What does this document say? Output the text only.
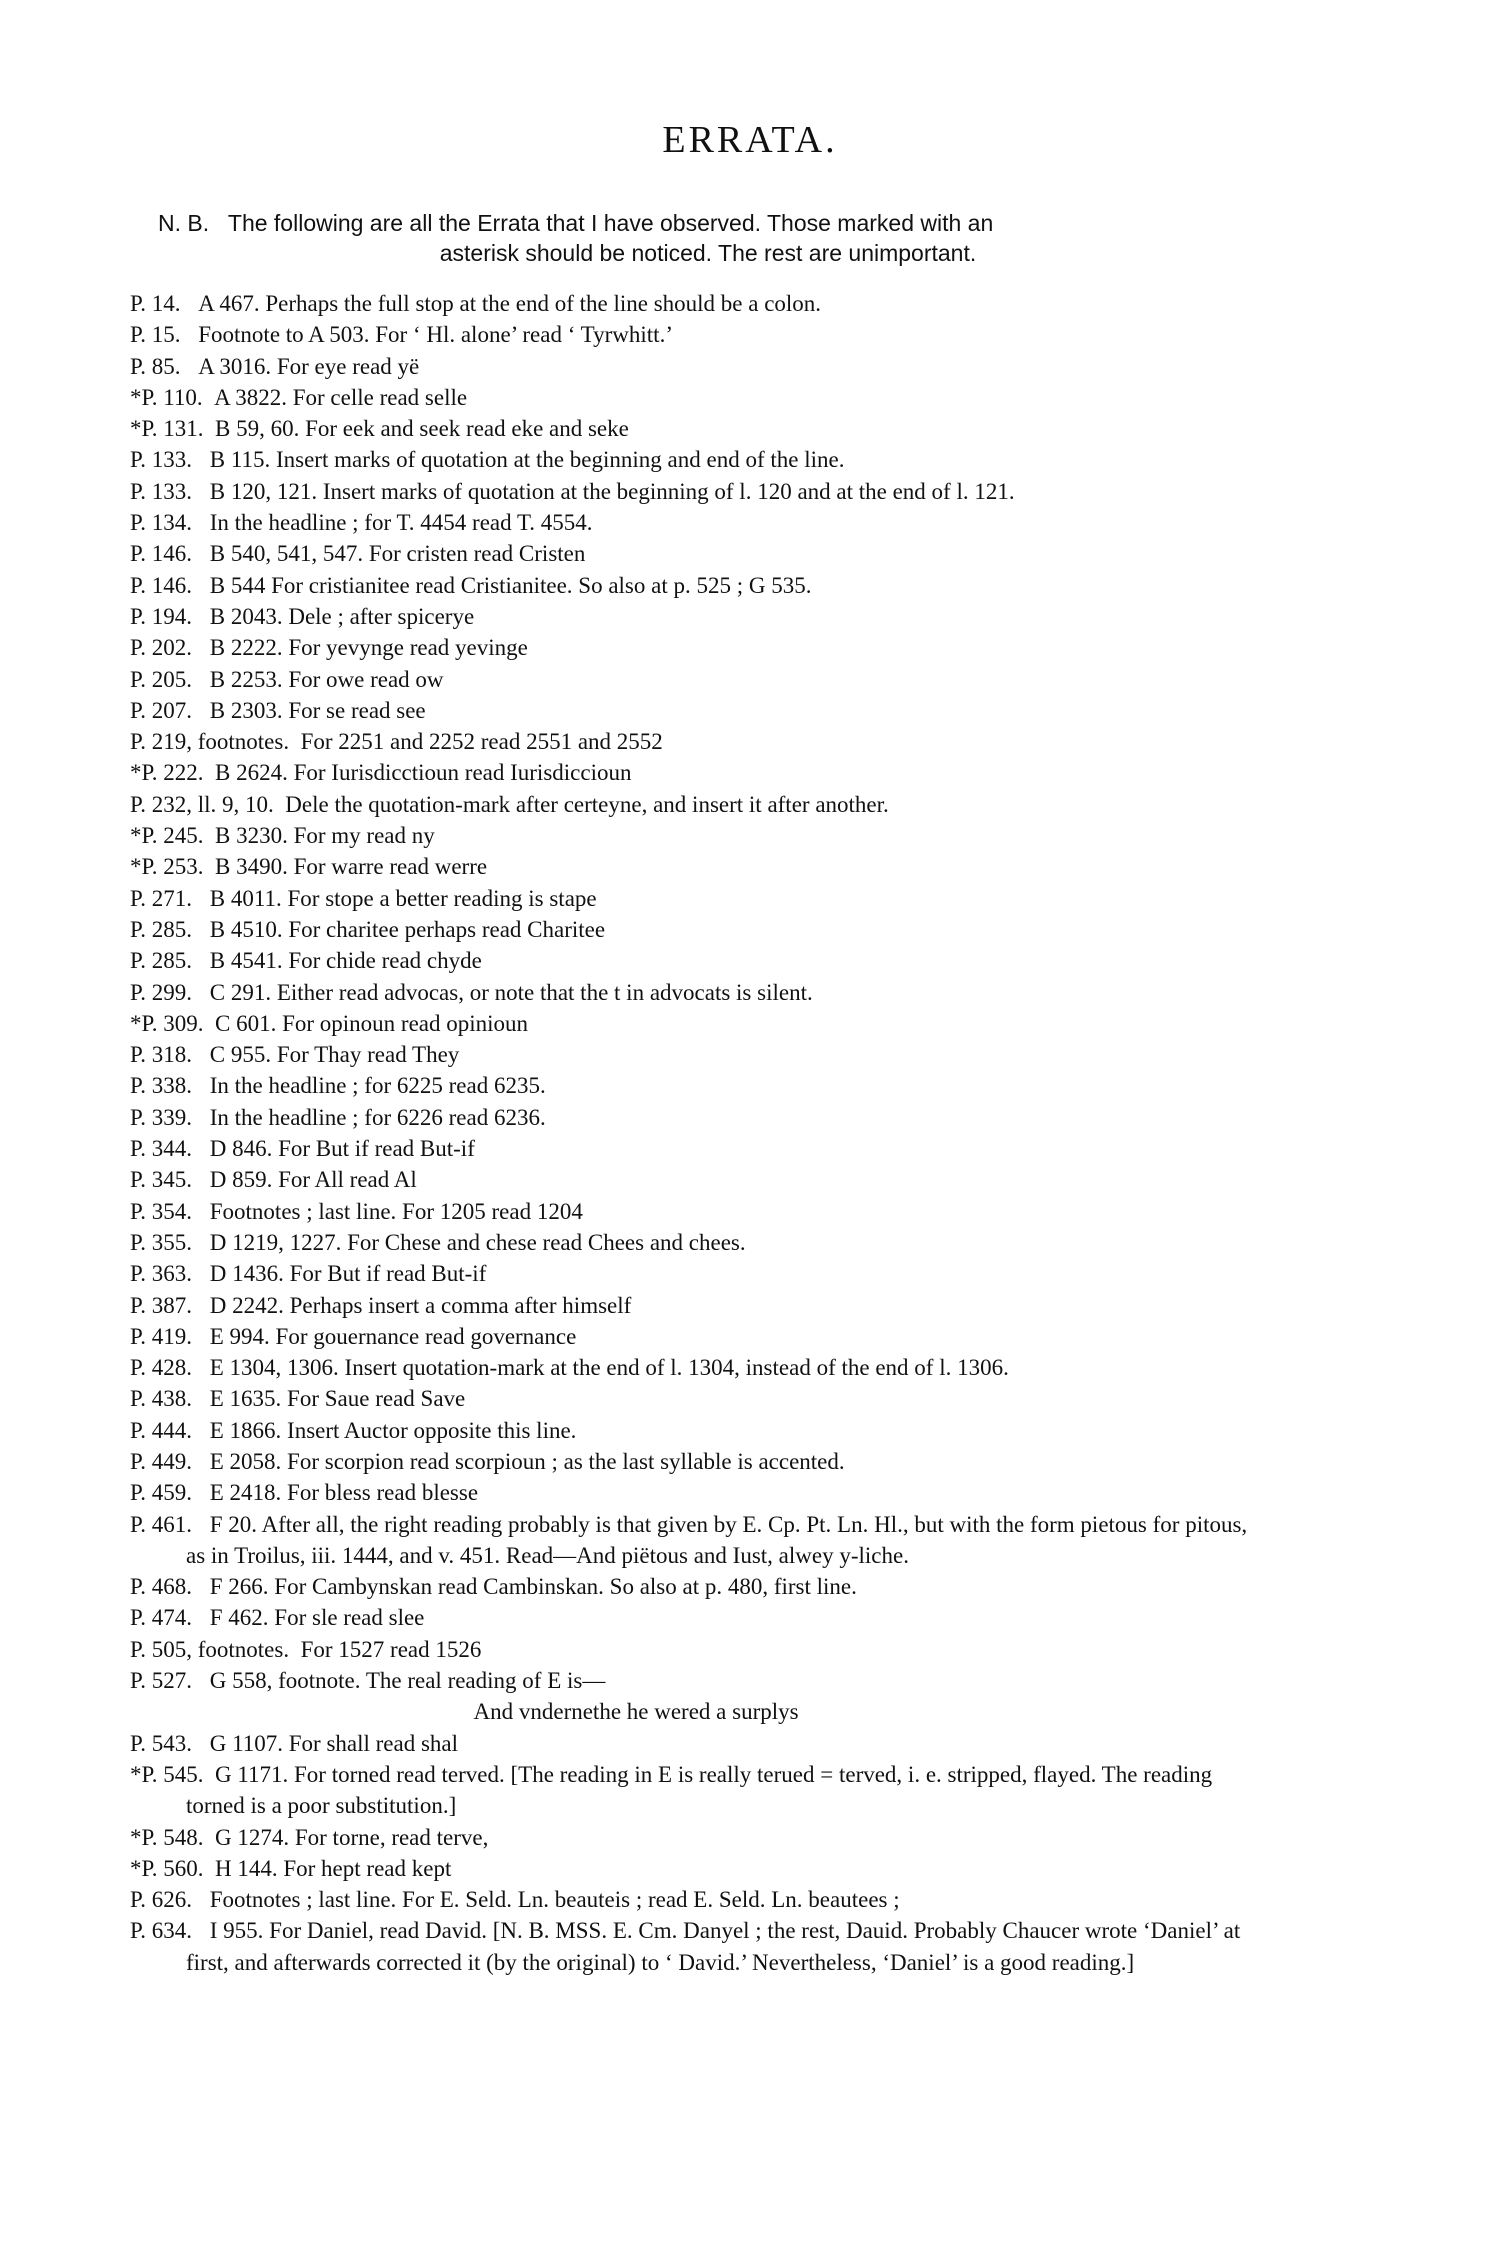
ERRATA.
N. B. The following are all the Errata that I have observed. Those marked with an
asterisk should be noticed. The rest are unimportant.

P. 14. A 467. Perhaps the full stop at the end of the line should be a colon.

P. 15. Footnote to A 503. For ‘ Hl. alone’ read ‘ Tyrwhitt.’

P. 85. A 3016. For eye read yë

*P. 110. A 3822. For celle read selle

*P. 131. B 59, 60. For eek and seek read eke and seke

P. 133. B 115. Insert marks of quotation at the beginning and end of the line.

P. 133. B 120, 121. Insert marks of quotation at the beginning of l. 120 and at the end of l. 121.

P. 134. In the headline ; for T. 4454 read T. 4554.

P. 146. B 540, 541, 547. For cristen read Cristen

P. 146. B 544 For cristianitee read Cristianitee. So also at p. 525 ; G 535.

P. 194. B 2043. Dele ; after spicerye

P. 202. B 2222. For yevynge read yevinge

P. 205. B 2253. For owe read ow

P. 207. B 2303. For se read see

P. 219, footnotes. For 2251 and 2252 read 2551 and 2552

*P. 222. B 2624. For Iurisdicctioun read Iurisdiccioun

P. 232, ll. 9, 10. Dele the quotation-mark after certeyne, and insert it after another.

*P. 245. B 3230. For my read ny

*P. 253. B 3490. For warre read werre

P. 271. B 4011. For stope a better reading is stape

P. 285. B 4510. For charitee perhaps read Charitee

P. 285. B 4541. For chide read chyde

P. 299. C 291. Either read advocas, or note that the t in advocats is silent.

*P. 309. C 601. For opinoun read opinioun

P. 318. C 955. For Thay read They

P. 338. In the headline ; for 6225 read 6235.

P. 339. In the headline ; for 6226 read 6236.

P. 344. D 846. For But if read But-if

P. 345. D 859. For All read Al

P. 354. Footnotes ; last line. For 1205 read 1204

P. 355. D 1219, 1227. For Chese and chese read Chees and chees.

P. 363. D 1436. For But if read But-if

P. 387. D 2242. Perhaps insert a comma after himself

P. 419. E 994. For gouernance read governance

P. 428. E 1304, 1306. Insert quotation-mark at the end of l. 1304, instead of the end of l. 1306.

P. 438. E 1635. For Saue read Save

P. 444. E 1866. Insert Auctor opposite this line.

P. 449. E 2058. For scorpion read scorpioun ; as the last syllable is accented.

P. 459. E 2418. For bless read blesse

P. 461. F 20. After all, the right reading probably is that given by E. Cp. Pt. Ln. Hl., but with the form pietous for pitous, as in Troilus, iii. 1444, and v. 451. Read—And piëtous and Iust, alwey y-liche.

P. 468. F 266. For Cambynskan read Cambinskan. So also at p. 480, first line.

P. 474. F 462. For sle read slee

P. 505, footnotes. For 1527 read 1526

P. 527. G 558, footnote. The real reading of E is—

And vndernethe he wered a surplys

P. 543. G 1107. For shall read shal

*P. 545. G 1171. For torned read terved. [The reading in E is really terued = terved, i. e. stripped, flayed. The reading torned is a poor substitution.]

*P. 548. G 1274. For torne, read terve,

*P. 560. H 144. For hept read kept

P. 626. Footnotes ; last line. For E. Seld. Ln. beauteis ; read E. Seld. Ln. beautees ;

P. 634. I 955. For Daniel, read David. [N. B. MSS. E. Cm. Danyel ; the rest, Dauid. Probably Chaucer wrote ‘Daniel’ at first, and afterwards corrected it (by the original) to ‘ David.’ Nevertheless, ‘Daniel’ is a good reading.]
